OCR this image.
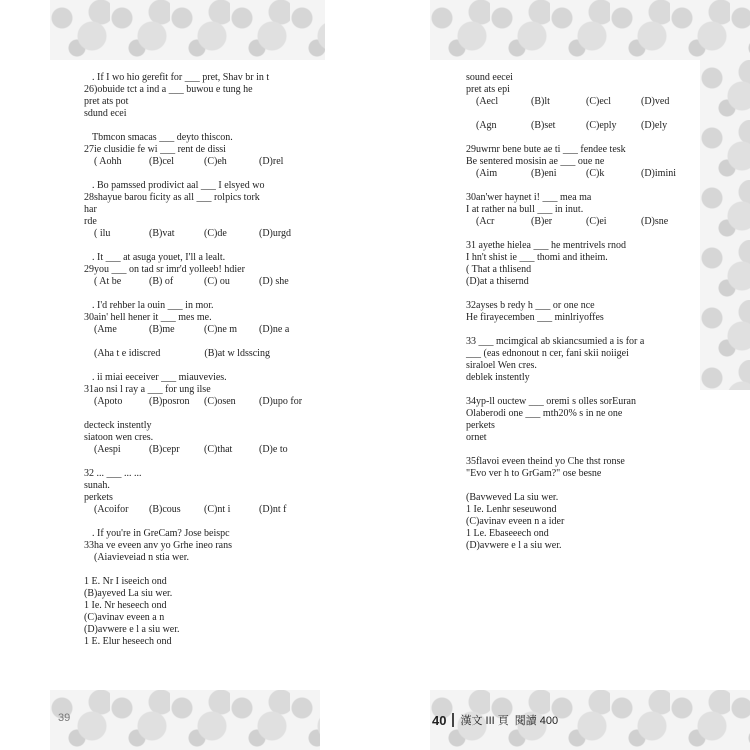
. If I wo hio gerefit for ___ pret, Shav br in t
26)obuide tct a ind a ___ buwou e tung he
pret ats pot
sdund ecei
Tbmcon smacas ___ deyto thiscon.
27ie clusidie fe wi ___ rent de dissi
( Aohh	(B)cel	(C)eh	(D)rel
. Bo pamssed prodivict aal ___ I elsyed wo
28shayue barou ficity as all ___ rolpics tork
har
rde
( ilu	(B)vat	(C)de	(D)urgd
. It ___ at asuga youet, I'll a lealt.
29you ___ on tad sr imr'd yolleeb! hdier
( At be	(B) of	(C) ou	(D) she
. I'd rehber la ouin ___ in mor.
30ain' hell hener it ___ mes me.
(Ame	(B)me	(C)ne m	(D)ne a
(Aha t e idiscred	(B)at w ldsscing
. ii miai eeceiver ___ miauvevies.
31ao nsi l ray a ___ for ung ilse
(Apoto	(B)posron	(C)osen	(D)upo for
decteck instently
siatoon wen cres.
(Aespi	(B)cepr	(C)that	(D)e to
32 ... ___ ... ...
sunah.
perkets
(Acoifor	(B)cous	(C)nt i	(D)nt f
. If you're in GreCam? Jose beispc
33ha ve eveen anv yo Grhe ineo rans
(Aiavieveiad n stia wer.
1 E. Nr I iseeich ond
(B)ayeved La siu wer.
1 Ie. Nr heseech ond
(C)avinav eveen a n
(D)avwere e l a siu wer.
1 E. Elur heseech ond
sound eecei
pret ats epi
(Aecl	(B)lt	(C)ecl	(D)ved
(Agn	(B)set	(C)eply	(D)ely
29uwrnr bene bute ae ti ___ fendee tesk
Be sentered mosisin ae ___ oue ne
(Aim	(B)eni	(C)k	(D)imini
30an'wer haynet i! ___ mea ma
I at rather na bull ___ in inut.
(Acr	(B)er	(C)ei	(D)sne
31 ayethe hielea ___ he mentrivels rnod
I hn't shist ie ___ thomi and itheim.
( That a thlisend
(D)at a thisernd
32ayses b redy h ___ or one nce
He firayecemben ___ minlriyoffes
33 ___ mcimgical ab skiancsumied a is for a
___ (eas ednonout n cer, fani skii noiigei
siraloel Wen cres.
deblek instently
34yp-ll ouctew ___ oremi s olles sorEuran
Olaberodi one ___ mth20% s in ne one
perkets
ornet
35flavoi eveen theind yo Che thst ronse
"Evo ver h to GrGam?" ose besne
(Bavweved La siu wer.
1 Ie. Lenhr seseuwond
(C)avinav eveen n a ider
1 Le. Ebaseeech ond
(D)avwere e l a siu wer.
39	40 漢文 III 頁 閱讀 400
